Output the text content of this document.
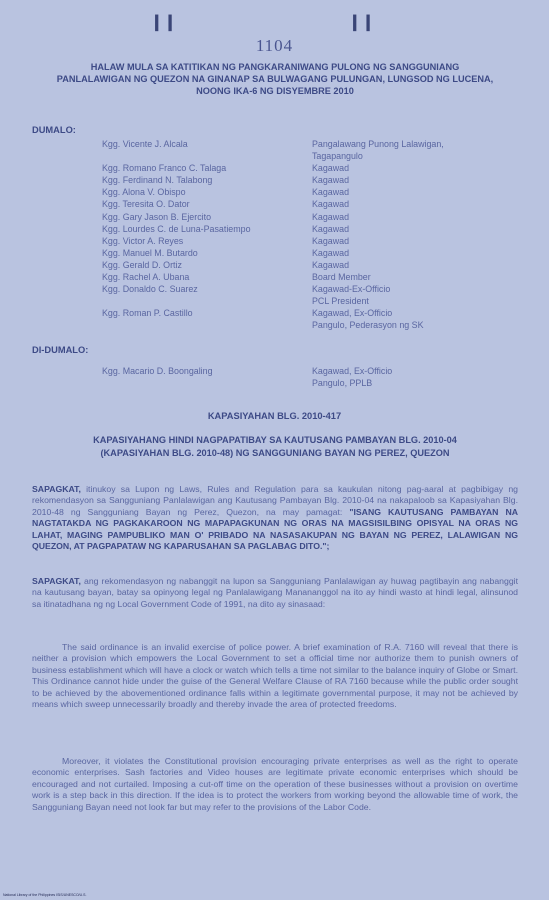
❙❙	❙❙
1104
HALAW MULA SA KATITIKAN NG PANGKARANIWANG PULONG NG SANGGUNIANG
PANLALAWIGAN NG QUEZON NA GINANAP SA BULWAGANG PULUNGAN, LUNGSOD NG LUCENA,
NOONG IKA-6 NG DISYEMBRE 2010
DUMALO:
Kgg. Vicente J. Alcala	Pangalawang Punong Lalawigan,
Tagapangulo
Kgg. Romano Franco C. Talaga	Kagawad
Kgg. Ferdinand N. Talabong	Kagawad
Kgg. Alona V. Obispo	Kagawad
Kgg. Teresita O. Dator	Kagawad
Kgg. Gary Jason B. Ejercito	Kagawad
Kgg. Lourdes C. de Luna-Pasatiempo	Kagawad
Kgg. Victor A. Reyes	Kagawad
Kgg. Manuel M. Butardo	Kagawad
Kgg. Gerald D. Ortiz	Kagawad
Kgg. Rachel A. Ubana	Board Member
Kgg. Donaldo C. Suarez	Kagawad-Ex-Officio
PCL President
Kgg. Roman P. Castillo	Kagawad, Ex-Officio
Pangulo, Pederasyon ng SK
DI-DUMALO:
Kgg. Macario D. Boongaling	Kagawad, Ex-Officio
Pangulo, PPLB
KAPASIYAHAN BLG. 2010-417
KAPASIYAHANG HINDI NAGPAPATIBAY SA KAUTUSANG PAMBAYAN BLG. 2010-04
(KAPASIYAHAN BLG. 2010-48) NG SANGGUNIANG BAYAN NG PEREZ, QUEZON

SAPAGKAT, itinukoy sa Lupon ng Laws, Rules and Regulation para sa kaukulan nitong pag-aaral at pagbibigay ng rekomendasyon sa Sangguniang Panlalawigan ang Kautusang Pambayan Blg. 2010-04 na nakapaloob sa Kapasiyahan Blg. 2010-48 ng Sangguniang Bayan ng Perez, Quezon, na may pamagat: "ISANG KAUTUSANG PAMBAYAN NA NAGTATAKDA NG PAGKAKAROON NG MAPAPAGKUNAN NG ORAS NA MAGSISILBING OPISYAL NA ORAS NG LAHAT, MAGING PAMPUBLIKO MAN O' PRIBADO NA NASASAKUPAN NG BAYAN NG PEREZ, LALAWIGAN NG QUEZON, AT PAGPAPATAW NG KAPARUSAHAN SA PAGLABAG DITO.";

SAPAGKAT, ang rekomendasyon ng nabanggit na lupon sa Sangguniang Panlalawigan ay huwag pagtibayin ang nabanggit na kautusang bayan, batay sa opinyong legal ng Panlalawigang Manananggol na ito ay hindi wasto at hindi legal, alinsunod sa itinatadhana ng ng Local Government Code of 1991, na dito ay sinasaad:

The said ordinance is an invalid exercise of police power. A brief examination of R.A. 7160 will reveal that there is neither a provision which empowers the Local Government to set a official time nor authorize them to punish owners of business establishment which will have a clock or watch which tells a time not similar to the balance inquiry of Globe or Smart. This Ordinance cannot hide under the guise of the General Welfare Clause of RA 7160 because while the public order sought to be achieved by the abovementioned ordinance falls within a legitimate governmental purpose, it may not be achieved by means which sweep unnecessarily broadly and thereby invade the area of protected freedoms.

Moreover, it violates the Constitutional provision encouraging private enterprises as well as the right to operate economic enterprises. Sash factories and Video houses are legitimate private economic enterprises which should be encouraged and not curtailed. Imposing a cut-off time on the operation of these businesses without a provision on overtime work is a step back in this direction. If the idea is to protect the workers from working beyond the allowable time of work, the Sangguniang Bayan need not look far but may refer to the provisions of the Labor Code.

National Library of the Philippines ISIS/UNESCO/U.S.
